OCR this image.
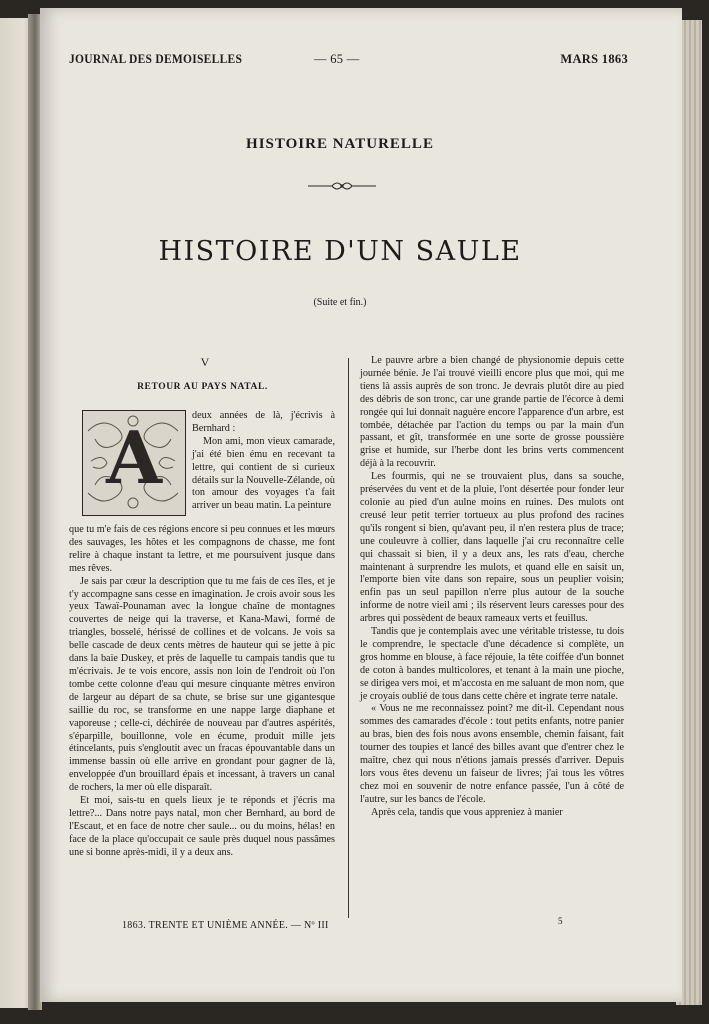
JOURNAL DES DEMOISELLES	— 65 —	MARS 1863
HISTOIRE NATURELLE
HISTOIRE D'UN SAULE
(Suite et fin.)
V
RETOUR AU PAYS NATAL.
A	deux années de là, j'écrivis à Bernhard :

Mon ami, mon vieux camarade, j'ai été bien ému en recevant ta lettre, qui contient de si curieux détails sur la Nouvelle-Zélande, où ton amour des voyages t'a fait arriver un beau matin. La peinture

que tu m'e fais de ces régions encore si peu connues et les mœurs des sauvages, les hôtes et les compagnons de chasse, me font relire à chaque instant ta lettre, et me poursuivent jusque dans mes rêves.

Je sais par cœur la description que tu me fais de ces îles, et je t'y accompagne sans cesse en imagination. Je crois avoir sous les yeux Tawaï-Pounaman avec la longue chaîne de montagnes couvertes de neige qui la traverse, et Kana-Mawi, formé de triangles, bosselé, hérissé de collines et de volcans. Je vois sa belle cascade de deux cents mètres de hauteur qui se jette à pic dans la baie Duskey, et près de laquelle tu campais tandis que tu m'écrivais. Je te vois encore, assis non loin de l'endroit où l'on tombe cette colonne d'eau qui mesure cinquante mètres environ de largeur au départ de sa chute, se brise sur une gigantesque saillie du roc, se transforme en une nappe large diaphane et vaporeuse ; celle-ci, déchirée de nouveau par d'autres aspérités, s'éparpille, bouillonne, vole en écume, produit mille jets étincelants, puis s'engloutit avec un fracas épouvantable dans un immense bassin où elle arrive en grondant pour gagner de là, enveloppée d'un brouillard épais et incessant, à travers un canal de rochers, la mer où elle disparaît.

Et moi, sais-tu en quels lieux je te réponds et j'écris ma lettre?... Dans notre pays natal, mon cher Bernhard, au bord de l'Escaut, et en face de notre cher saule... ou du moins, hélas! en face de la place qu'occupait ce saule près duquel nous passâmes une si bonne après-midi, il y a deux ans.

Le pauvre arbre a bien changé de physionomie depuis cette journée bénie. Je l'ai trouvé vieilli encore plus que moi, qui me tiens là assis auprès de son tronc. Je devrais plutôt dire au pied des débris de son tronc, car une grande partie de l'écorce à demi rongée qui lui donnait naguère encore l'apparence d'un arbre, est tombée, détachée par l'action du temps ou par la main d'un passant, et gît, transformée en une sorte de grosse poussière grise et humide, sur l'herbe dont les brins verts commencent déjà à la recouvrir.

Les fourmis, qui ne se trouvaient plus, dans sa souche, préservées du vent et de la pluie, l'ont désertée pour fonder leur colonie au pied d'un aulne moins en ruines. Des mulots ont creusé leur petit terrier tortueux au plus profond des racines qu'ils rongent si bien, qu'avant peu, il n'en restera plus de trace; une couleuvre à collier, dans laquelle j'ai cru reconnaître celle qui chassait si bien, il y a deux ans, les rats d'eau, cherche maintenant à surprendre les mulots, et quand elle en saisit un, l'emporte bien vite dans son repaire, sous un peuplier voisin; enfin pas un seul papillon n'erre plus autour de la souche informe de notre vieil ami ; ils réservent leurs caresses pour des arbres qui possèdent de beaux rameaux verts et feuillus.

Tandis que je contemplais avec une véritable tristesse, tu dois le comprendre, le spectacle d'une décadence si complète, un gros homme en blouse, à face réjouie, la tête coiffée d'un bonnet de coton à bandes multicolores, et tenant à la main une pioche, se dirigea vers moi, et m'accosta en me saluant de mon nom, que je croyais oublié de tous dans cette chère et ingrate terre natale.

« Vous ne me reconnaissez point? me dit-il. Cependant nous sommes des camarades d'école : tout petits enfants, notre panier au bras, bien des fois nous avons ensemble, chemin faisant, fait tourner des toupies et lancé des billes avant que d'entrer chez le maître, chez qui nous n'étions jamais pressés d'arriver. Depuis lors vous êtes devenu un faiseur de livres; j'ai tous les vôtres chez moi en souvenir de notre enfance passée, l'un à côté de l'autre, sur les bancs de l'école.

Après cela, tandis que vous appreniez à manier

1863. TRENTE ET UNIÈME ANNÉE. — Nº III	5
